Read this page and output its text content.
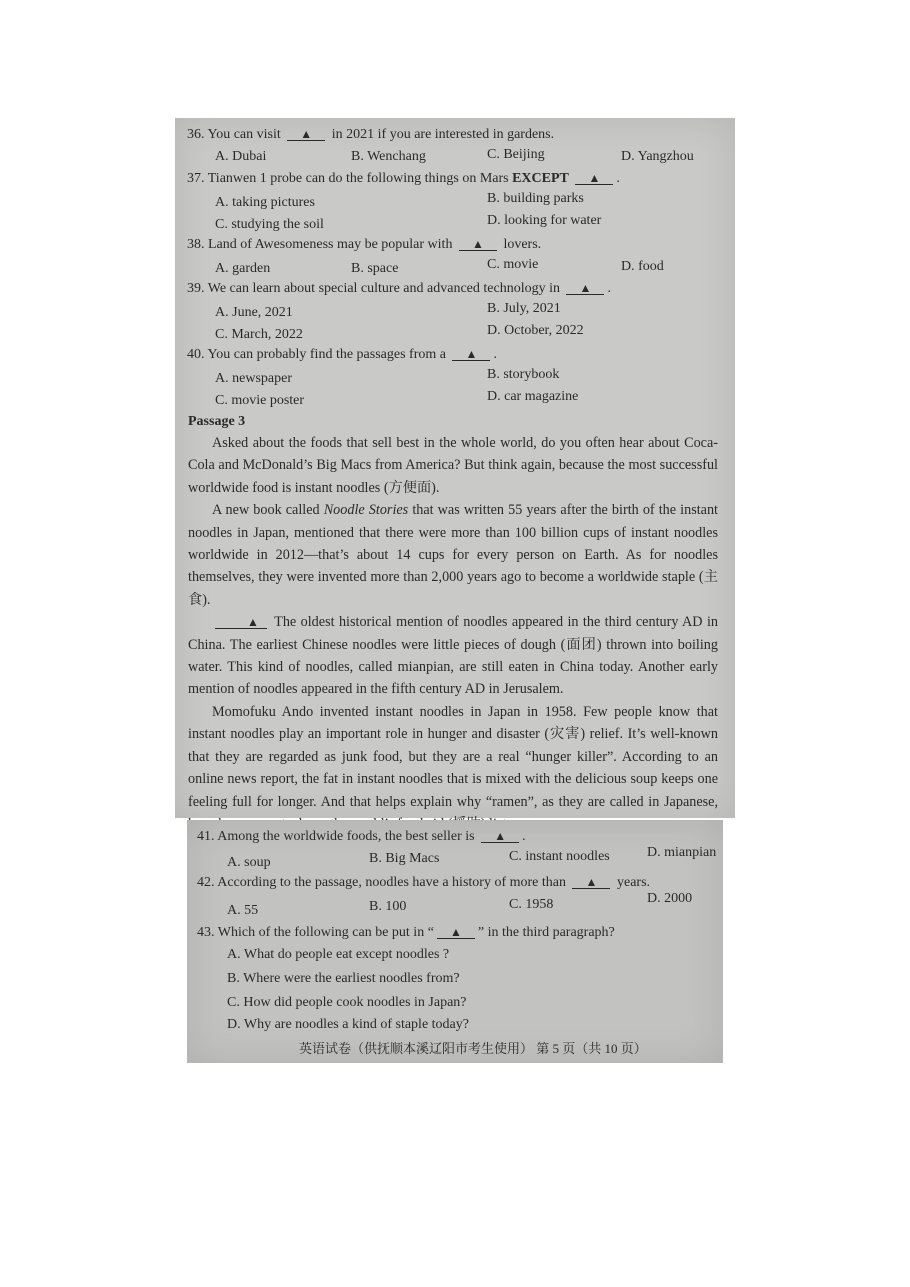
36. You can visit ▲ in 2021 if you are interested in gardens.
A. Dubai	B. Wenchang	C. Beijing	D. Yangzhou
37. Tianwen 1 probe can do the following things on Mars EXCEPT ▲ .
A. taking pictures	B. building parks
C. studying the soil	D. looking for water
38. Land of Awesomeness may be popular with ▲ lovers.
A. garden	B. space	C. movie	D. food
39. We can learn about special culture and advanced technology in ▲ .
A. June, 2021	B. July, 2021
C. March, 2022	D. October, 2022
40. You can probably find the passages from a ▲ .
A. newspaper	B. storybook
C. movie poster	D. car magazine
Passage 3

Asked about the foods that sell best in the whole world, do you often hear about Coca-Cola and McDonald’s Big Macs from America? But think again, because the most successful worldwide food is instant noodles (方便面).

A new book called Noodle Stories that was written 55 years after the birth of the instant noodles in Japan, mentioned that there were more than 100 billion cups of instant noodles worldwide in 2012—that’s about 14 cups for every person on Earth. As for noodles themselves, they were invented more than 2,000 years ago to become a worldwide staple (主食).

▲ The oldest historical mention of noodles appeared in the third century AD in China. The earliest Chinese noodles were little pieces of dough (面团) thrown into boiling water. This kind of noodles, called mianpian, are still eaten in China today. Another early mention of noodles appeared in the fifth century AD in Jerusalem.

Momofuku Ando invented instant noodles in Japan in 1958. Few people know that instant noodles play an important role in hunger and disaster (灾害) relief. It’s well-known that they are regarded as junk food, but they are a real “hunger killer”. According to an online news report, the fat in instant noodles that is mixed with the delicious soup keeps one feeling full for longer. And that helps explain why “ramen”, as they are called in Japanese,

41. Among the worldwide foods, the best seller is ▲ .
A. soup	B. Big Macs	C. instant noodles	D. mianpian
42. According to the passage, noodles have a history of more than ▲ years.
A. 55	B. 100	C. 1958	D. 2000
43. Which of the following can be put in “ ▲ ” in the third paragraph?
A. What do people eat except noodles ?
B. Where were the earliest noodles from?
C. How did people cook noodles in Japan?
D. Why are noodles a kind of staple today?
英语试卷（供抚顺本溪辽阳市考生使用） 第 5 页（共 10 页）
